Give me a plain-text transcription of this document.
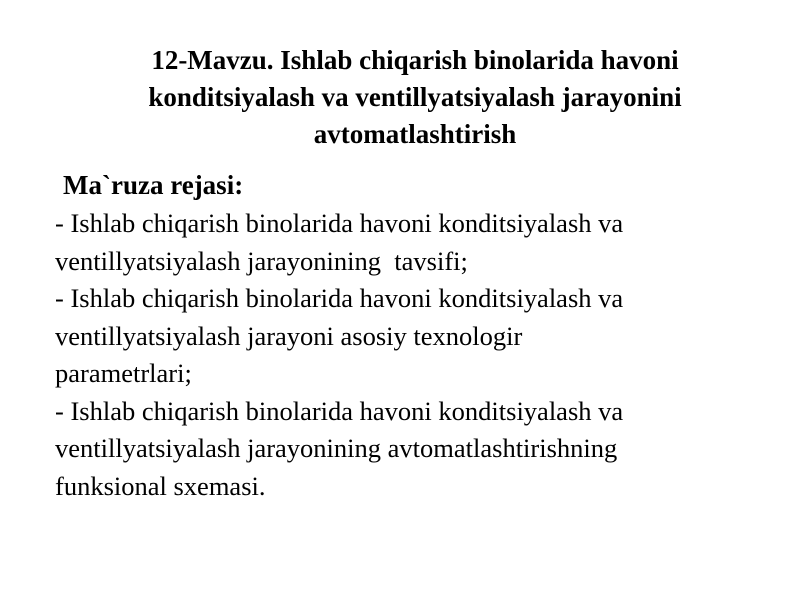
12-Mavzu. Ishlab chiqarish binolarida havoni
konditsiyalash va ventillyatsiyalash jarayonini
avtomatlashtirish

Ma`ruza rejasi:

- Ishlab chiqarish binolarida havoni konditsiyalash va
ventillyatsiyalash jarayonining  tavsifi;
- Ishlab chiqarish binolarida havoni konditsiyalash va
ventillyatsiyalash jarayoni asosiy texnologir
parametrlari;
- Ishlab chiqarish binolarida havoni konditsiyalash va
ventillyatsiyalash jarayonining avtomatlashtirishning
funksional sxemasi.
